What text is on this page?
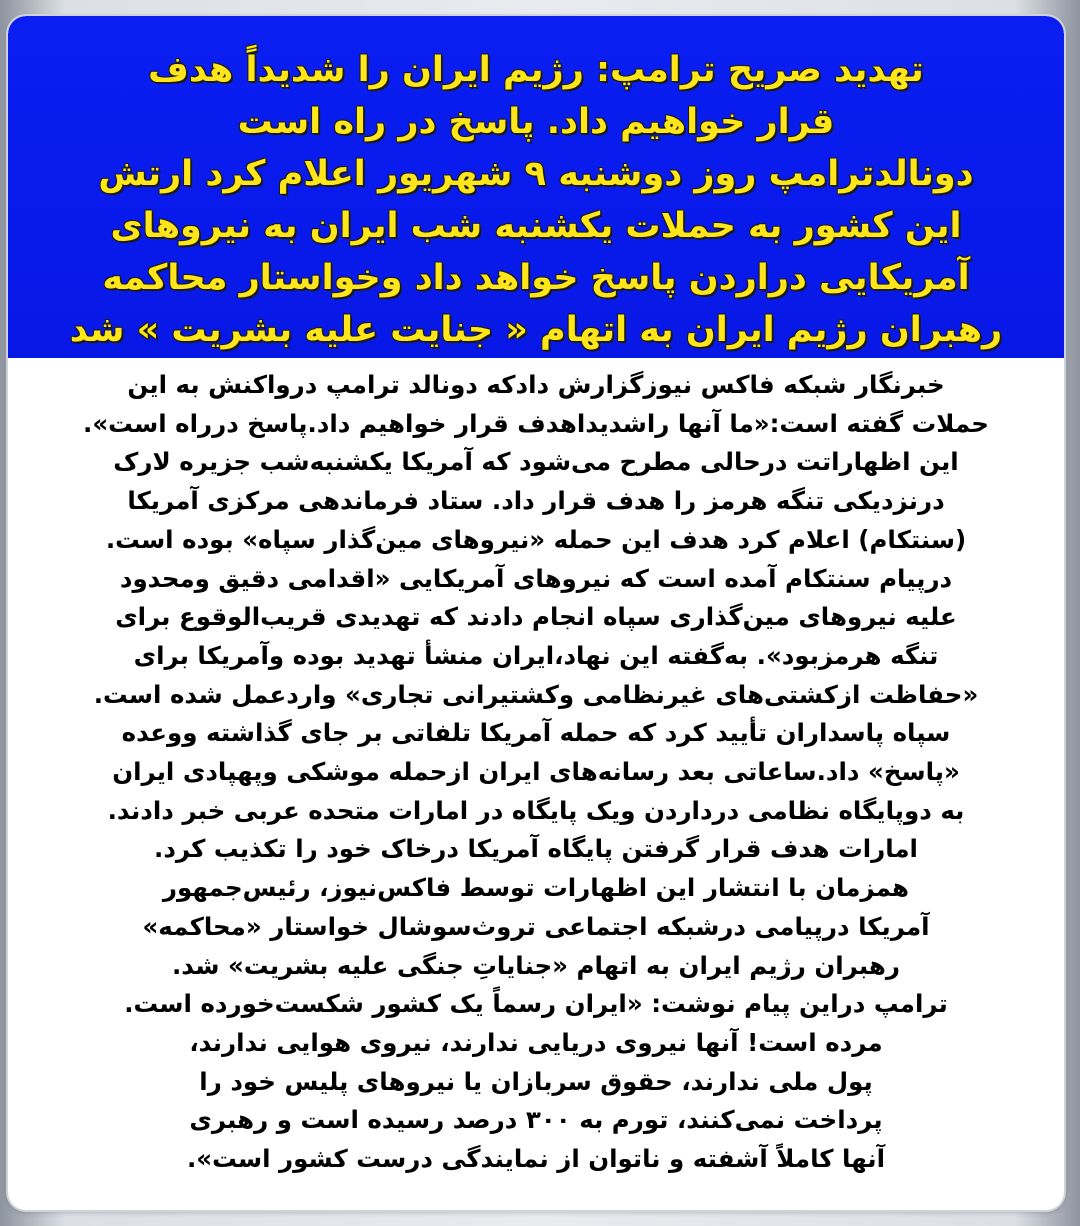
تهدید صریح ترامپ: رژیم ایران را شدیداً هدف
قرار خواهیم داد. پاسخ در راه است
دونالدترامپ روز دوشنبه ۹ شهریور اعلام کرد ارتش
این کشور به حملات یکشنبه شب ایران به نیروهای
آمریکایی دراردن پاسخ خواهد داد وخواستار محاکمه
رهبران رژیم ایران به اتهام « جنایت علیه بشریت » شد
خبرنگار شبکه فاکس نیوزگزارش دادکه دونالد ترامپ درواکنش به این
حملات گفته است:«ما آنها راشدیداهدف قرار خواهیم داد.پاسخ درراه است».
این اظهاراتت درحالی مطرح می‌شود که آمریکا یکشنبه‌شب جزیره لارک
درنزدیکی تنگه هرمز را هدف قرار داد. ستاد فرماندهی مرکزی آمریکا
(سنتکام) اعلام کرد هدف این حمله «نیروهای مین‌گذار سپاه» بوده است.
درپیام سنتکام آمده است که نیروهای آمریکایی «اقدامی دقیق ومحدود
علیه نیروهای مین‌گذاری سپاه انجام دادند که تهدیدی قریب‌الوقوع برای
تنگه هرمزبود». به‌گفته این نهاد،ایران منشأ تهدید بوده وآمریکا برای
«حفاظت ازکشتی‌های غیرنظامی وکشتیرانی تجاری» واردعمل شده است.
سپاه پاسداران تأیید کرد که حمله آمریکا تلفاتی بر جای گذاشته ووعده
«پاسخ» داد.ساعاتی بعد رسانه‌های ایران ازحمله موشکی وپهپادی ایران
به دوپایگاه نظامی درداردن ویک پایگاه در امارات متحده عربی خبر دادند.
امارات هدف قرار گرفتن پایگاه آمریکا درخاک خود را تکذیب کرد.
همزمان با انتشار این اظهارات توسط فاکس‌نیوز، رئیس‌جمهور
آمریکا درپیامی درشبکه اجتماعی تروث‌سوشال خواستار «محاکمه»
رهبران رژیم ایران به اتهام «جنایاتِ جنگی علیه بشریت» شد.
ترامپ دراین پیام نوشت: «ایران رسماً یک کشور شکست‌خورده است.
مرده است! آنها نیروی دریایی ندارند، نیروی هوایی ندارند،
پول ملی ندارند، حقوق سربازان یا نیروهای پلیس خود را
پرداخت نمی‌کنند، تورم به ۳۰۰ درصد رسیده است و رهبری
آنها کاملاً آشفته و ناتوان از نمایندگی درست کشور است».
